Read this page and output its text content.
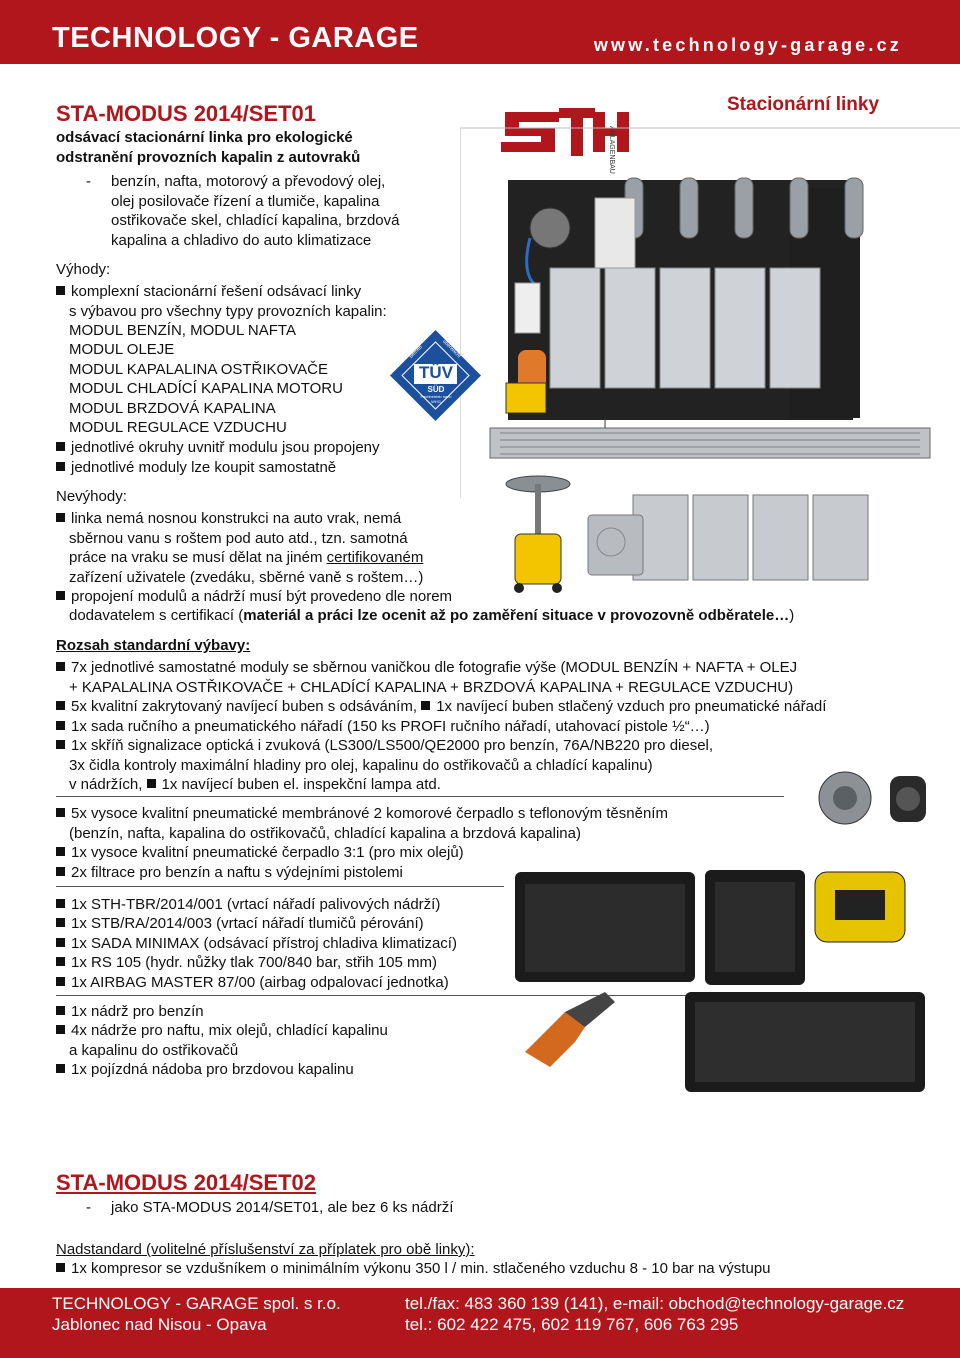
TECHNOLOGY - GARAGE	www.technology-garage.cz
Stacionární linky
ANLAGENBAU
TÜV
SÜD
Betrieb	überwacht
Fachbetrieb nach WHG
STA-MODUS 2014/SET01
odsávací stacionární linka pro ekologické
odstranění provozních kapalin z autovraků
- benzín, nafta, motorový a převodový olej,
olej posilovače řízení a tlumiče, kapalina
ostřikovače skel, chladící kapalina, brzdová
kapalina a chladivo do auto klimatizace
Výhody:
komplexní stacionární řešení odsávací linky
s výbavou pro všechny typy provozních kapalin:
MODUL BENZÍN, MODUL NAFTA
MODUL OLEJE
MODUL KAPALALINA OSTŘIKOVAČE
MODUL CHLADÍCÍ KAPALINA MOTORU
MODUL BRZDOVÁ KAPALINA
MODUL REGULACE VZDUCHU
jednotlivé okruhy uvnitř modulu jsou propojeny
jednotlivé moduly lze koupit samostatně
Nevýhody:
linka nemá nosnou konstrukci na auto vrak, nemá
sběrnou vanu s roštem pod auto atd., tzn. samotná
práce na vraku se musí dělat na jiném certifikovaném
zařízení uživatele (zvedáku, sběrné vaně s roštem…)
propojení modulů a nádrží musí být provedeno dle norem
dodavatelem s certifikací (materiál a práci lze ocenit až po zaměření situace v provozovně odběratele…)
Rozsah standardní výbavy:
7x jednotlivé samostatné moduly se sběrnou vaničkou dle fotografie výše (MODUL BENZÍN + NAFTA + OLEJ
+ KAPALALINA OSTŘIKOVAČE + CHLADÍCÍ KAPALINA + BRZDOVÁ KAPALINA + REGULACE VZDUCHU)
5x kvalitní zakrytovaný navíjecí buben s odsáváním, 1x navíjecí buben stlačený vzduch pro pneumatické nářadí
1x sada ručního a pneumatického nářadí (150 ks PROFI ručního nářadí, utahovací pistole ½“…)
1x skříň signalizace optická i zvuková (LS300/LS500/QE2000 pro benzín, 76A/NB220 pro diesel,
3x čidla kontroly maximální hladiny pro olej, kapalinu do ostřikovačů a chladící kapalinu)
v nádržích, 1x navíjecí buben el. inspekční lampa atd.
5x vysoce kvalitní pneumatické membránové 2 komorové čerpadlo s teflonovým těsněním
(benzín, nafta, kapalina do ostřikovačů, chladící kapalina a brzdová kapalina)
1x vysoce kvalitní pneumatické čerpadlo 3:1 (pro mix olejů)
2x filtrace pro benzín a naftu s výdejními pistolemi
1x STH-TBR/2014/001 (vrtací nářadí palivových nádrží)
1x STB/RA/2014/003 (vrtací nářadí tlumičů pérování)
1x SADA MINIMAX (odsávací přístroj chladiva klimatizací)
1x RS 105 (hydr. nůžky tlak 700/840 bar, střih 105 mm)
1x AIRBAG MASTER 87/00 (airbag odpalovací jednotka)
1x nádrž pro benzín
4x nádrže pro naftu, mix olejů, chladící kapalinu
a kapalinu do ostřikovačů
1x pojízdná nádoba pro brzdovou kapalinu
STA-MODUS 2014/SET02
- jako STA-MODUS 2014/SET01, ale bez 6 ks nádrží
Nadstandard (volitelné příslušenství za příplatek pro obě linky):
1x kompresor se vzdušníkem o minimálním výkonu 350 l / min. stlačeného vzduchu 8 - 10 bar na výstupu
TECHNOLOGY - GARAGE spol. s r.o.
Jablonec nad Nisou - Opava
tel./fax: 483 360 139 (141), e-mail: obchod@technology-garage.cz
tel.: 602 422 475, 602 119 767, 606 763 295
